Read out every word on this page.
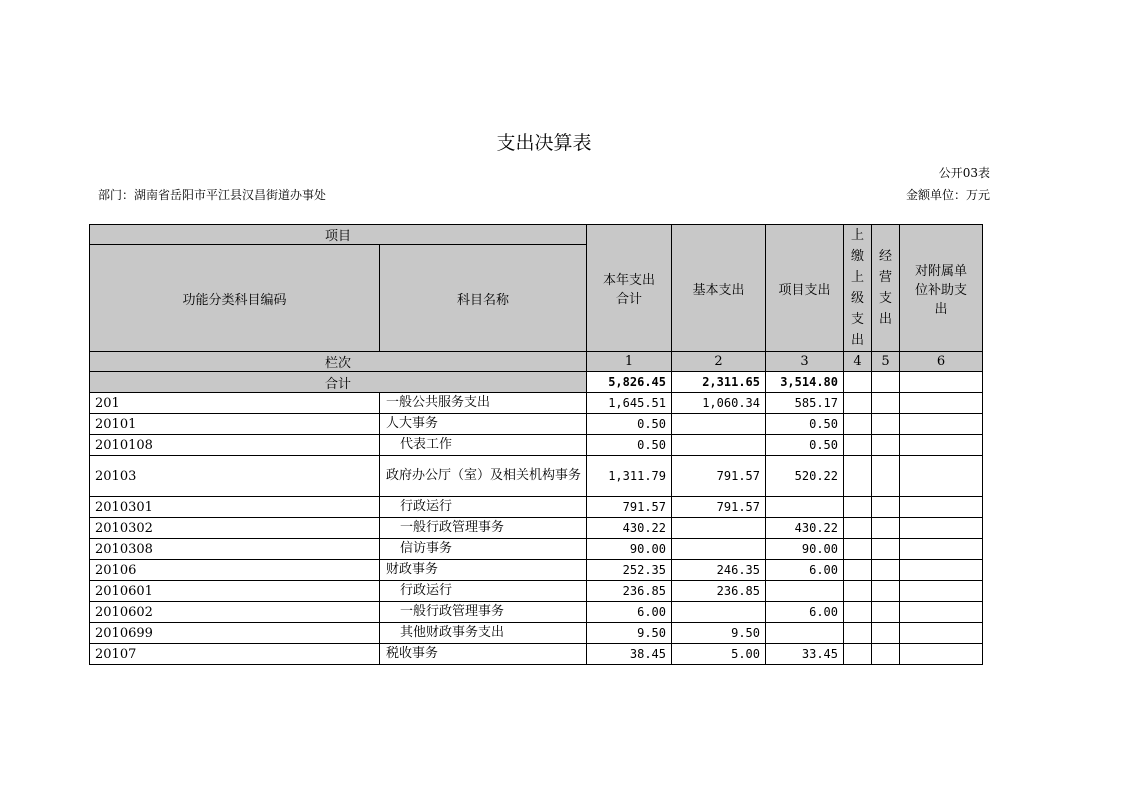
支出决算表
公开03表
部门：湖南省岳阳市平江县汉昌街道办事处	金额单位：万元
项目		本年支出合计	基本支出	项目支出	上缴上级支出	经营支出	对附属单位补助支出
功能分类科目编码	科目名称						
栏次		1	2	3	4	5	6
合计		5,826.45	2,311.65	3,514.80			
201	一般公共服务支出	1,645.51	1,060.34	585.17			
20101	人大事务	0.50		0.50			
2010108	代表工作	0.50		0.50			
20103	政府办公厅（室）及相关机构事务	1,311.79	791.57	520.22			
2010301	行政运行	791.57	791.57				
2010302	一般行政管理事务	430.22		430.22			
2010308	信访事务	90.00		90.00			
20106	财政事务	252.35	246.35	6.00			
2010601	行政运行	236.85	236.85				
2010602	一般行政管理事务	6.00		6.00			
2010699	其他财政事务支出	9.50	9.50				
20107	税收事务	38.45	5.00	33.45			
